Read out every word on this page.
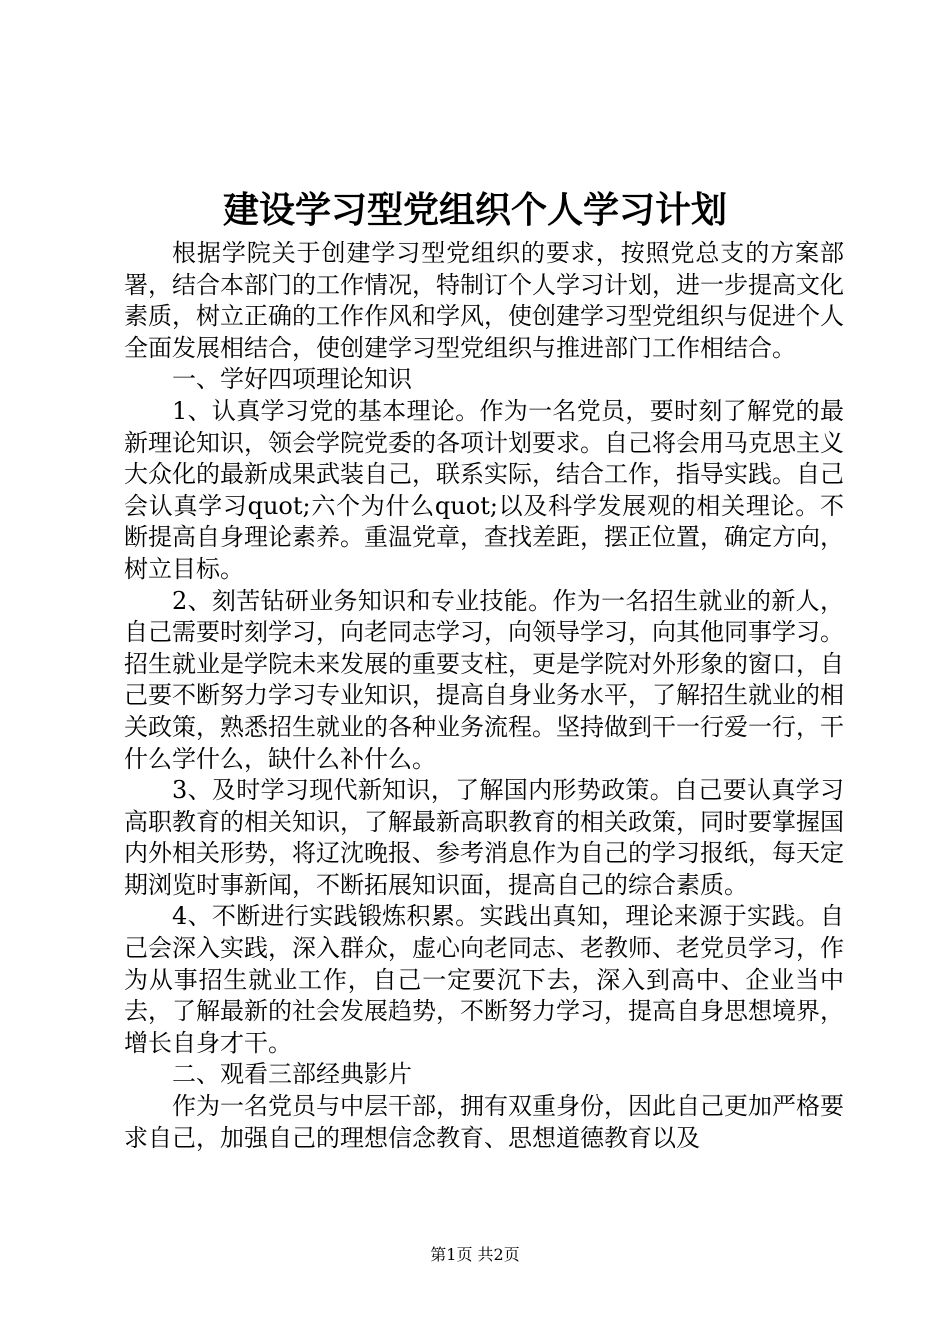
建设学习型党组织个人学习计划

根据学院关于创建学习型党组织的要求，按照党总支的方案部署，结合本部门的工作情况，特制订个人学习计划，进一步提高文化素质，树立正确的工作作风和学风，使创建学习型党组织与促进个人全面发展相结合，使创建学习型党组织与推进部门工作相结合。

一、学好四项理论知识

1、认真学习党的基本理论。作为一名党员，要时刻了解党的最新理论知识，领会学院党委的各项计划要求。自己将会用马克思主义大众化的最新成果武装自己，联系实际，结合工作，指导实践。自己会认真学习quot;六个为什么quot;以及科学发展观的相关理论。不断提高自身理论素养。重温党章，查找差距，摆正位置，确定方向，树立目标。

2、刻苦钻研业务知识和专业技能。作为一名招生就业的新人，自己需要时刻学习，向老同志学习，向领导学习，向其他同事学习。招生就业是学院未来发展的重要支柱，更是学院对外形象的窗口，自己要不断努力学习专业知识，提高自身业务水平，了解招生就业的相关政策，熟悉招生就业的各种业务流程。坚持做到干一行爱一行，干什么学什么，缺什么补什么。

3、及时学习现代新知识，了解国内形势政策。自己要认真学习高职教育的相关知识，了解最新高职教育的相关政策，同时要掌握国内外相关形势，将辽沈晚报、参考消息作为自己的学习报纸，每天定期浏览时事新闻，不断拓展知识面，提高自己的综合素质。

4、不断进行实践锻炼积累。实践出真知，理论来源于实践。自己会深入实践，深入群众，虚心向老同志、老教师、老党员学习，作为从事招生就业工作，自己一定要沉下去，深入到高中、企业当中去，了解最新的社会发展趋势，不断努力学习，提高自身思想境界，增长自身才干。

二、观看三部经典影片

作为一名党员与中层干部，拥有双重身份，因此自己更加严格要求自己，加强自己的理想信念教育、思想道德教育以及

第1页 共2页
